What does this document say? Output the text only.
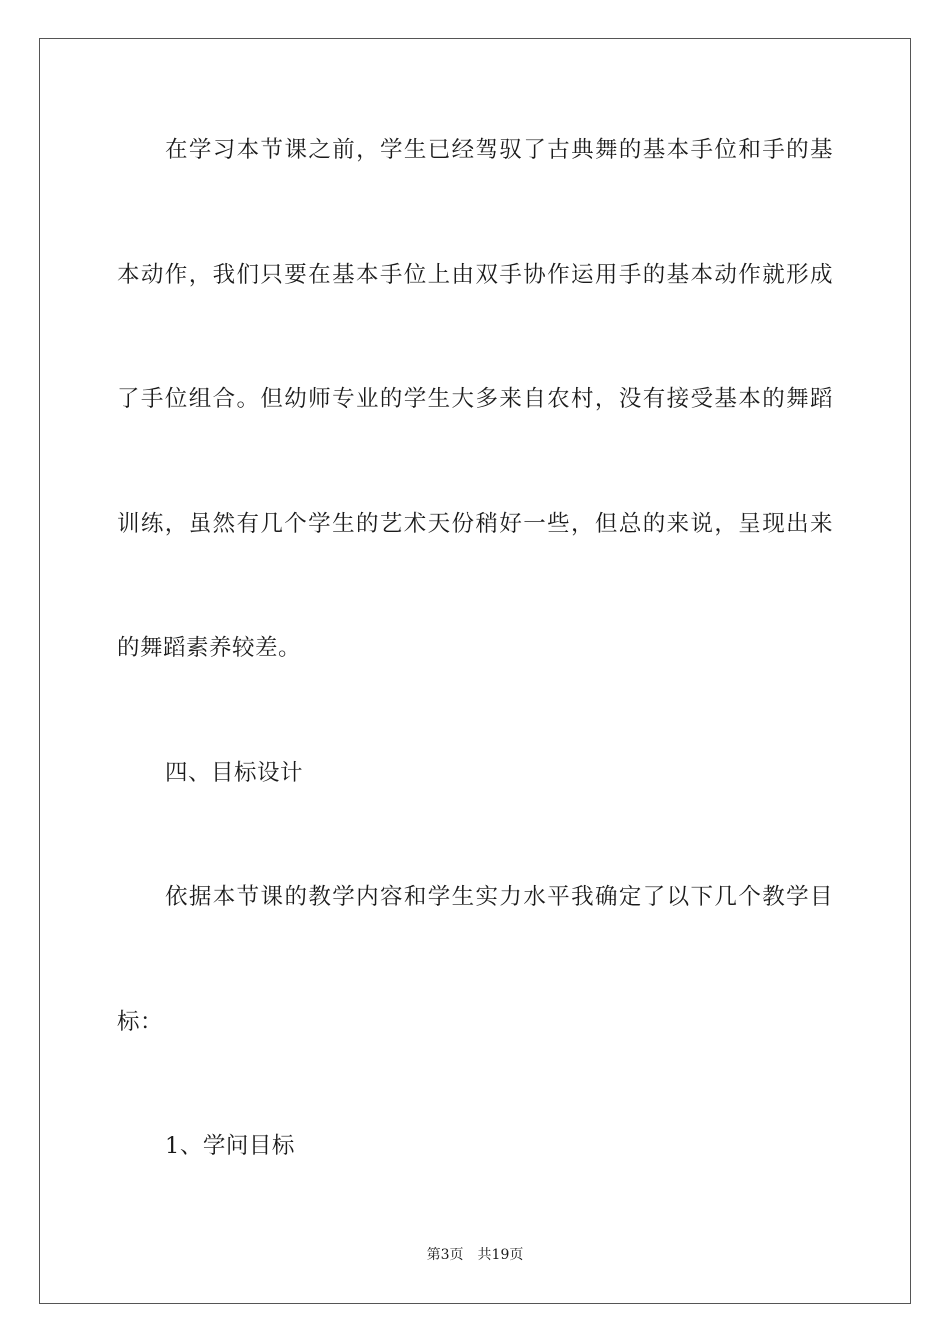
在学习本节课之前，学生已经驾驭了古典舞的基本手位和手的基
本动作，我们只要在基本手位上由双手协作运用手的基本动作就形成
了手位组合。但幼师专业的学生大多来自农村，没有接受基本的舞蹈
训练，虽然有几个学生的艺术天份稍好一些，但总的来说，呈现出来
的舞蹈素养较差。
四、目标设计
依据本节课的教学内容和学生实力水平我确定了以下几个教学目
标：
1、学问目标
第3页　共19页
